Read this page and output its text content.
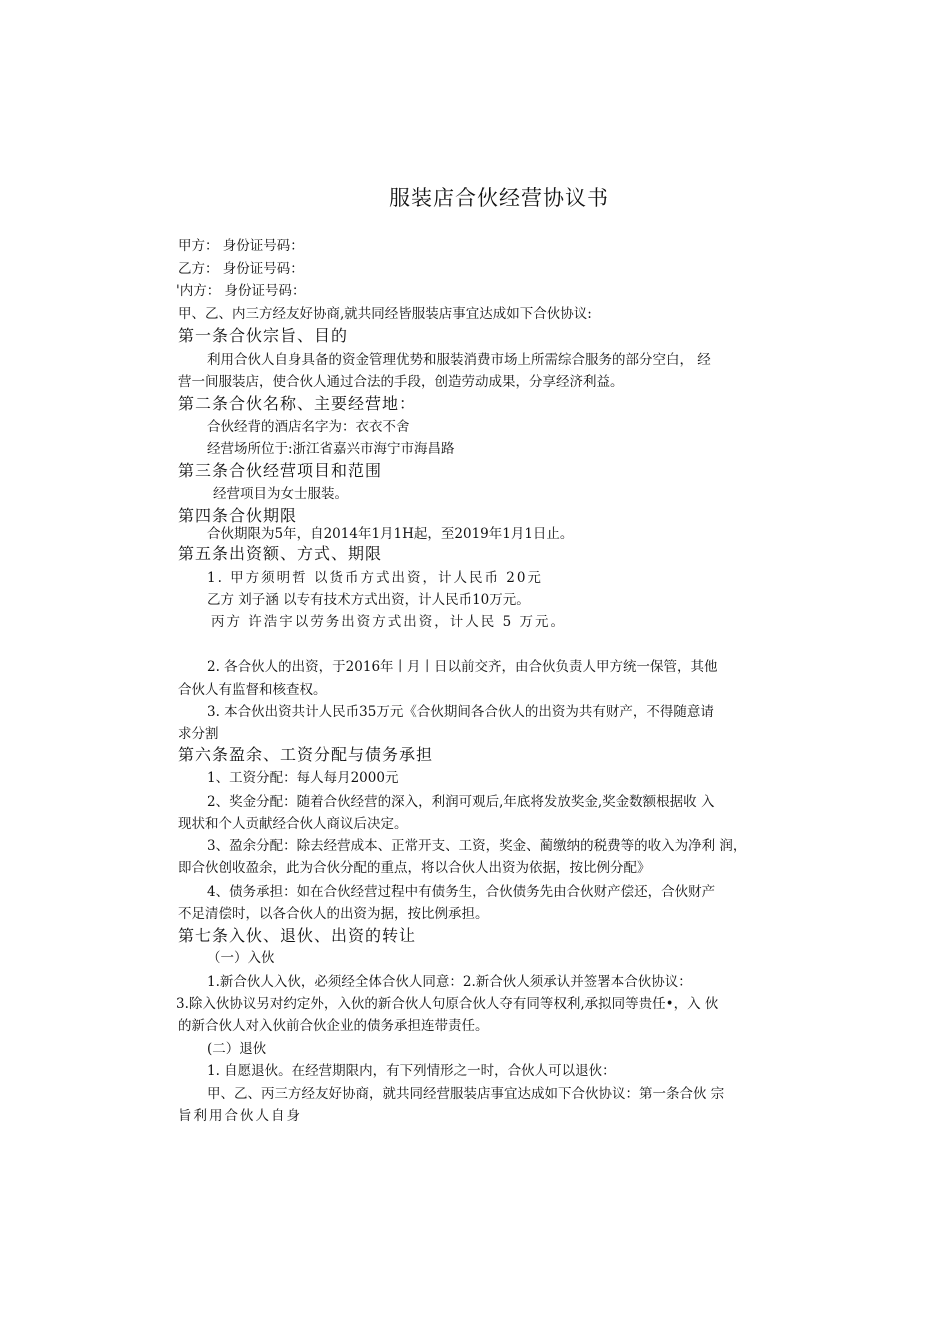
服装店合伙经营协议书
甲方： 身份证号码：
乙方： 身份证号码：
'内方： 身份证号码：
甲、乙、内三方经友好协商,就共同经皆服装店事宜达成如下合伙协议:
第一条合伙宗旨、目的
利用合伙人自身具备的资金管理优势和服装消费市场上所需综合服务的部分空白， 经
营一间服装店，使合伙人通过合法的手段，创造劳动成果，分享经济利益。
第二条合伙名称、主要经营地：
合伙经背的酒店名字为：衣衣不舍
经营场所位于:浙江省嘉兴市海宁市海昌路
第三条合伙经营项目和范围
经营项目为女士服装。
第四条合伙期限
合伙期限为5年，自2014年1月1H起，至2019年1月1日止。
第五条出资额、方式、期限
1. 甲方须明哲 以货币方式出资，计人民币 20元
乙方 刘子涵 以专有技术方式出资，计人民币10万元。
丙方 许浩宇以劳务出资方式出资，计人民 5 万元。
2. 各合伙人的出资，于2016年丨月丨日以前交齐，由合伙负责人甲方统一保管，其他
合伙人有监督和核查权。
3. 本合伙出资共计人民币35万元《合伙期间各合伙人的出资为共有财产，不得随意请
求分割
第六条盈余、工资分配与债务承担
1、工资分配：每人每月2000元
2、奖金分配：随着合伙经营的深入，利润可观后,年底将发放奖金,奖金数额根据收 入
现状和个人贡献经合伙人商议后决定。
3、盈余分配：除去经营成本、正常开支、工资，奖金、蔺缴纳的税费等的收入为净利 润，
即合伙创收盈余，此为合伙分配的重点，将以合伙人出资为依据，按比例分配》
4、债务承担：如在合伙经营过程中有债务生，合伙债务先由合伙财产偿还，合伙财产
不足清偿时，以各合伙人的出资为据，按比例承担。
第七条入伙、退伙、出资的转让
（一）入伙
1.新合伙人入伙，必须经全体合伙人同意：2.新合伙人须承认并签署本合伙协议：
3.除入伙协议另对约定外，入伙的新合伙人句原合伙人夺有同等权利,承拟同等贵任•，入 伙
的新合伙人对入伙前合伙企业的债务承担连带责任。
(二）退伙
1. 自愿退伙。在经营期限内，有下列情形之一时，合伙人可以退伙：
甲、乙、丙三方经友好协商，就共同经营服装店事宜达成如下合伙协议：第一条合伙 宗
旨利用合伙人自身
